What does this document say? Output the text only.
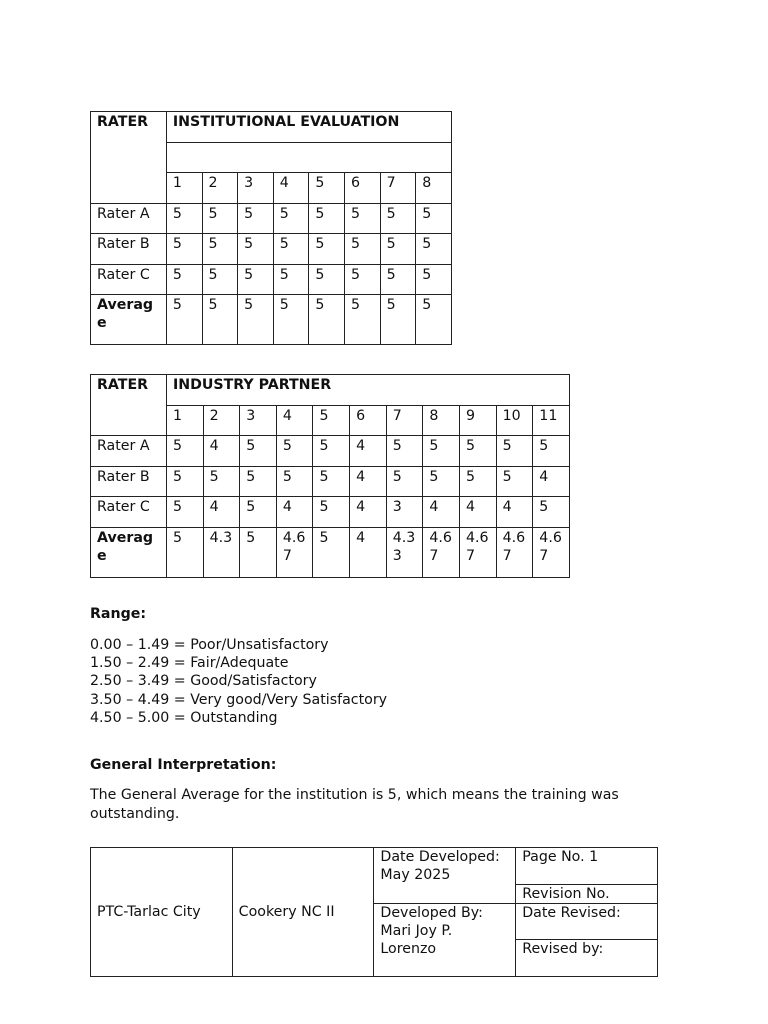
RATER	INSTITUTIONAL EVALUATION							

	1	2	3	4	5	6	7	8
Rater A	5	5	5	5	5	5	5	5
Rater B	5	5	5	5	5	5	5	5
Rater C	5	5	5	5	5	5	5	5
Average	5	5	5	5	5	5	5	5
RATER	INDUSTRY PARTNER										
	1	2	3	4	5	6	7	8	9	10	11
Rater A	5	4	5	5	5	4	5	5	5	5	5
Rater B	5	5	5	5	5	4	5	5	5	5	4
Rater C	5	4	5	4	5	4	3	4	4	4	5
Average	5	4.3	5	4.67	5	4	4.33	4.67	4.67	4.67	4.67
Range:
0.00 – 1.49 = Poor/Unsatisfactory
1.50 – 2.49 = Fair/Adequate
2.50 – 3.49 = Good/Satisfactory
3.50 – 4.49 = Very good/Very Satisfactory
4.50 – 5.00 = Outstanding
General Interpretation:
The General Average for the institution is 5, which means the training was outstanding.
PTC-Tarlac City	Cookery NC II	Date Developed: May 2025	Page No. 1
			Revision No.
		Developed By: Mari Joy P. Lorenzo	Date Revised:
			Revised by:
